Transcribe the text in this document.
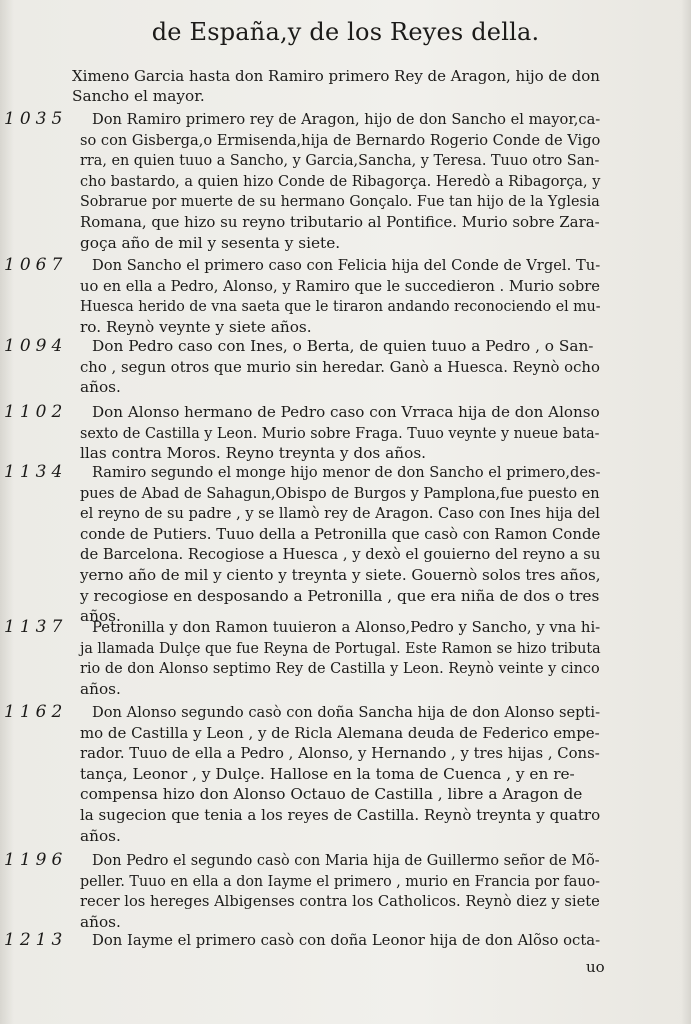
de España,y de los Reyes della.
Ximeno Garcia hasta don Ramiro primero Rey de Aragon, hijo de don
Sancho el mayor.
1035 Don Ramiro primero rey de Aragon, hijo de don Sancho el mayor,ca-
so con Gisberga,o Ermisenda,hija de Bernardo Rogerio Conde de Vigo
rra, en quien tuuo a Sancho, y Garcia,Sancha, y Teresa. Tuuo otro San-
cho bastardo, a quien hizo Conde de Ribagorça. Heredò a Ribagorça, y
Sobrarue por muerte de su hermano Gonçalo. Fue tan hijo de la Yglesia
Romana, que hizo su reyno tributario al Pontifice. Murio sobre Zara-
goça año de mil y sesenta y siete.
1067 Don Sancho el primero caso con Felicia hija del Conde de Vrgel. Tu-
uo en ella a Pedro, Alonso, y Ramiro que le succedieron . Murio sobre
Huesca herido de vna saeta que le tiraron andando reconociendo el mu-
ro. Reynò veynte y siete años.
1094 Don Pedro caso con Ines, o Berta, de quien tuuo a Pedro , o San-
cho , segun otros que murio sin heredar. Ganò a Huesca. Reynò ocho
años.
1102 Don Alonso hermano de Pedro caso con Vrraca hija de don Alonso
sexto de Castilla y Leon. Murio sobre Fraga. Tuuo veynte y nueue bata-
llas contra Moros. Reyno treynta y dos años.
1134 Ramiro segundo el monge hijo menor de don Sancho el primero,des-
pues de Abad de Sahagun,Obispo de Burgos y Pamplona,fue puesto en
el reyno de su padre , y se llamò rey de Aragon. Caso con Ines hija del
conde de Putiers. Tuuo della a Petronilla que casò con Ramon Conde
de Barcelona. Recogiose a Huesca , y dexò el gouierno del reyno a su
yerno año de mil y ciento y treynta y siete. Gouernò solos tres años,
y recogiose en desposando a Petronilla , que era niña de dos o tres
años.
1137 Petronilla y don Ramon tuuieron a Alonso,Pedro y Sancho, y vna hi-
ja llamada Dulçe que fue Reyna de Portugal. Este Ramon se hizo tributa
rio de don Alonso septimo Rey de Castilla y Leon. Reynò veinte y cinco
años.
1162 Don Alonso segundo casò con doña Sancha hija de don Alonso septi-
mo de Castilla y Leon , y de Ricla Alemana deuda de Federico empe-
rador. Tuuo de ella a Pedro , Alonso, y Hernando , y tres hijas , Cons-
tança, Leonor , y Dulçe. Hallose en la toma de Cuenca , y en re-
compensa hizo don Alonso Octauo de Castilla , libre a Aragon de
la sugecion que tenia a los reyes de Castilla. Reynò treynta y quatro
años.
1196 Don Pedro el segundo casò con Maria hija de Guillermo señor de Mõ-
peller. Tuuo en ella a don Iayme el primero , murio en Francia por fauo-
recer los hereges Albigenses contra los Catholicos. Reynò diez y siete
años.
1213 Don Iayme el primero casò con doña Leonor hija de don Alõso octa-
uo
